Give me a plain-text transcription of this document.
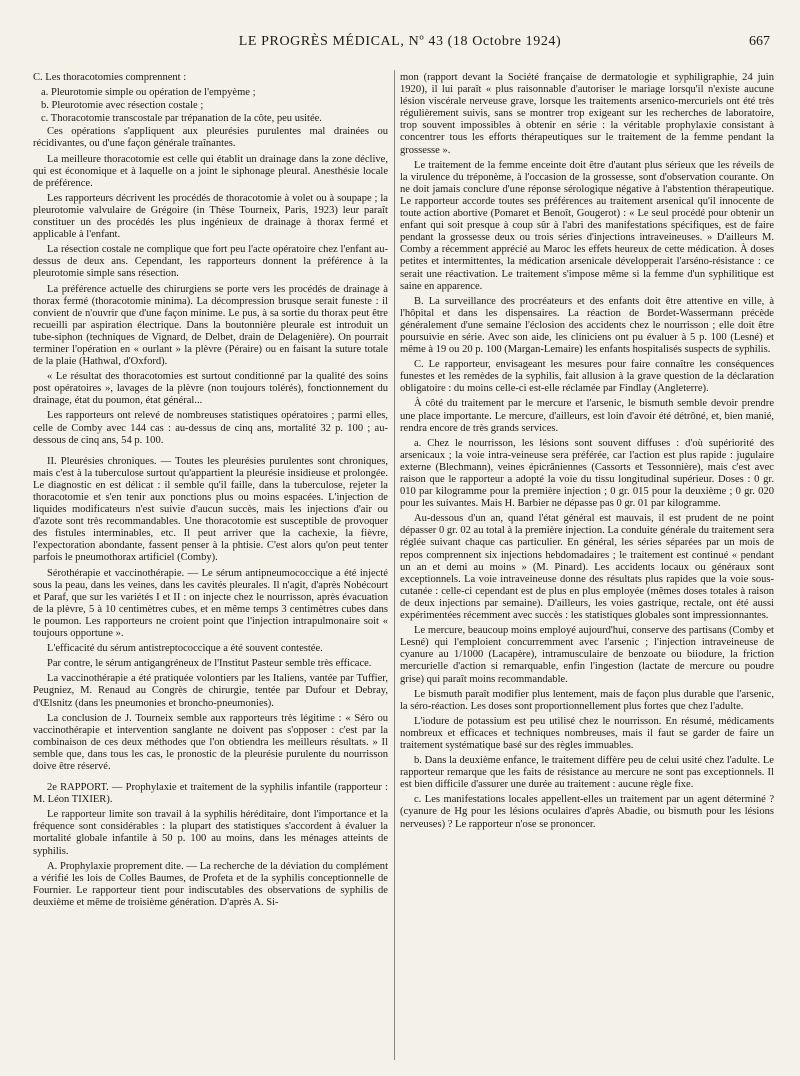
LE PROGRÈS MÉDICAL, Nº 43 (18 Octobre 1924)	667

C. Les thoracotomies comprennent :

a. Pleurotomie simple ou opération de l'empyème ;

b. Pleurotomie avec résection costale ;

c. Thoracotomie transcostale par trépanation de la côte, peu usitée.

Ces opérations s'appliquent aux pleurésies purulentes mal drainées ou récidivantes, ou d'une façon générale traînantes.

La meilleure thoracotomie est celle qui établit un drainage dans la zone déclive, qui est économique et à laquelle on a joint le siphonage pleural. Anesthésie locale de préférence.

Les rapporteurs décrivent les procédés de thoracotomie à volet ou à soupape ; la pleurotomie valvulaire de Grégoire (in Thèse Tourneix, Paris, 1923) leur paraît constituer un des procédés les plus ingénieux de drainage à thorax fermé et applicable à l'enfant.

La résection costale ne complique que fort peu l'acte opératoire chez l'enfant au-dessus de deux ans. Cependant, les rapporteurs donnent la préférence à la pleurotomie simple sans résection.

La préférence actuelle des chirurgiens se porte vers les procédés de drainage à thorax fermé (thoracotomie minima). La décompression brusque serait funeste : il convient de n'ouvrir que d'une façon minime. Le pus, à sa sortie du thorax peut être recueilli par aspiration électrique. Dans la boutonnière pleurale est introduit un tube-siphon (techniques de Vignard, de Delbet, drain de Delagenière). On pourrait terminer l'opération en « ourlant » la plèvre (Péraire) ou en faisant la suture totale de la plaie (Hathwal, d'Oxford).

« Le résultat des thoracotomies est surtout conditionné par la qualité des soins post opératoires », lavages de la plèvre (non toujours tolérés), fonctionnement du drainage, état du poumon, état général...

Les rapporteurs ont relevé de nombreuses statistiques opératoires ; parmi elles, celle de Comby avec 144 cas : au-dessus de cinq ans, mortalité 32 p. 100 ; au-dessous de cinq ans, 54 p. 100.

II. Pleurésies chroniques. — Toutes les pleurésies purulentes sont chroniques, mais c'est à la tuberculose surtout qu'appartient la pleurésie insidieuse et prolongée. Le diagnostic en est délicat : il semble qu'il faille, dans la tuberculose, rejeter la thoracotomie et s'en tenir aux ponctions plus ou moins espacées. L'injection de liquides modificateurs n'est suivie d'aucun succès, mais les injections d'air ou d'azote sont très recommandables. Une thoracotomie est susceptible de provoquer des fistules interminables, etc. Il peut arriver que la cachexie, la fièvre, l'expectoration abondante, fassent penser à la phtisie. C'est alors qu'on peut tenter parfois le pneumothorax artificiel (Comby).

Sérothérapie et vaccinothérapie. — Le sérum antipneumococcique a été injecté sous la peau, dans les veines, dans les cavités pleurales. Il n'agit, d'après Nobécourt et Paraf, que sur les variétés I et II : on injecte chez le nourrisson, après évacuation de la plèvre, 5 à 10 centimètres cubes, et en même temps 3 centimètres cubes dans le poumon. Les rapporteurs ne croient point que l'injection intrapulmonaire soit « toujours opportune ».

L'efficacité du sérum antistreptococcique a été souvent contestée.

Par contre, le sérum antigangréneux de l'Institut Pasteur semble très efficace.

La vaccinothérapie a été pratiquée volontiers par les Italiens, vantée par Tuffier, Peugniez, M. Renaud au Congrès de chirurgie, tentée par Dufour et Debray, d'Œlsnitz (dans les pneumonies et broncho-pneumonies).

La conclusion de J. Tourneix semble aux rapporteurs très légitime : « Séro ou vaccinothérapie et intervention sanglante ne doivent pas s'opposer : c'est par la combinaison de ces deux méthodes que l'on obtiendra les meilleurs résultats. » Il semble que, dans tous les cas, le pronostic de la pleurésie purulente du nourrisson doive être réservé.

2e RAPPORT. — Prophylaxie et traitement de la syphilis infantile (rapporteur : M. Léon TIXIER).

Le rapporteur limite son travail à la syphilis héréditaire, dont l'importance et la fréquence sont considérables : la plupart des statistiques s'accordent à évaluer la mortalité globale infantile à 50 p. 100 au moins, dans les ménages atteints de syphilis.

A. Prophylaxie proprement dite. — La recherche de la déviation du complément a vérifié les lois de Colles Baumes, de Profeta et de la syphilis conceptionnelle de Fournier. Le rapporteur tient pour indiscutables des observations de syphilis de deuxième et même de troisième génération. D'après A. Si-

mon (rapport devant la Société française de dermatologie et syphiligraphie, 24 juin 1920), il lui paraît « plus raisonnable d'autoriser le mariage lorsqu'il n'existe aucune lésion viscérale nerveuse grave, lorsque les traitements arsenico-mercuriels ont été très régulièrement suivis, sans se montrer trop exigeant sur les recherches de laboratoire, trop souvent impossibles à obtenir en série : la véritable prophylaxie consistant à concentrer tous les efforts thérapeutiques sur le traitement de la femme pendant la grossesse ».

Le traitement de la femme enceinte doit être d'autant plus sérieux que les réveils de la virulence du tréponème, à l'occasion de la grossesse, sont d'observation courante. On ne doit jamais conclure d'une réponse sérologique négative à l'abstention thérapeutique. Le rapporteur accorde toutes ses préférences au traitement arsenical qu'il innocente de toute action abortive (Pomaret et Benoît, Gougerot) : « Le seul procédé pour obtenir un enfant qui soit presque à coup sûr à l'abri des manifestations spécifiques, est de faire pendant la grossesse deux ou trois séries d'injections intraveineuses. » D'ailleurs M. Comby a récemment apprécié au Maroc les effets heureux de cette médication. À doses petites et intermittentes, la médication arsenicale développerait l'arséno-résistance : ce serait une réactivation. Le traitement s'impose même si la femme d'un syphilitique est saine en apparence.

B. La surveillance des procréateurs et des enfants doit être attentive en ville, à l'hôpital et dans les dispensaires. La réaction de Bordet-Wassermann précède généralement d'une semaine l'éclosion des accidents chez le nourrisson ; elle doit être poursuivie en série. Avec son aide, les cliniciens ont pu évaluer à 5 p. 100 (Lesné) et même à 19 ou 20 p. 100 (Margan-Lemaire) les enfants hospitalisés suspects de syphilis.

C. Le rapporteur, envisageant les mesures pour faire connaître les conséquences funestes et les remèdes de la syphilis, fait allusion à la grave question de la déclaration obligatoire : du moins celle-ci est-elle réclamée par Findlay (Angleterre).

À côté du traitement par le mercure et l'arsenic, le bismuth semble devoir prendre une place importante. Le mercure, d'ailleurs, est loin d'avoir été détrôné, et, bien manié, rendra encore de très grands services.

a. Chez le nourrisson, les lésions sont souvent diffuses : d'où supériorité des arsenicaux ; la voie intra-veineuse sera préférée, car l'action est plus rapide : jugulaire externe (Blechmann), veines épicrâniennes (Cassorts et Tessonnière), mais c'est avec raison que le rapporteur a adopté la voie du tissu longitudinal supérieur. Doses : 0 gr. 010 par kilogramme pour la première injection ; 0 gr. 015 pour la deuxième ; 0 gr. 020 pour les suivantes. Mais H. Barbier ne dépasse pas 0 gr. 01 par kilogramme.

Au-dessous d'un an, quand l'état général est mauvais, il est prudent de ne point dépasser 0 gr. 02 au total à la première injection. La conduite générale du traitement sera réglée suivant chaque cas particulier. En général, les séries séparées par un mois de repos comprennent six injections hebdomadaires ; le traitement est continué « pendant un an et demi au moins » (M. Pinard). Les accidents locaux ou généraux sont exceptionnels. La voie intraveineuse donne des résultats plus rapides que la voie sous-cutanée : celle-ci cependant est de plus en plus employée (mêmes doses totales à raison de deux injections par semaine). D'ailleurs, les voies gastrique, rectale, ont été aussi expérimentées récemment avec succès : les statistiques globales sont impressionnantes.

Le mercure, beaucoup moins employé aujourd'hui, conserve des partisans (Comby et Lesné) qui l'emploient concurremment avec l'arsenic ; l'injection intraveineuse de cyanure au 1/1000 (Lacapère), intramusculaire de benzoate ou biiodure, la friction mercurielle d'action si remarquable, enfin l'ingestion (lactate de mercure ou poudre grise) qui paraît moins recommandable.

Le bismuth paraît modifier plus lentement, mais de façon plus durable que l'arsenic, la séro-réaction. Les doses sont proportionnellement plus fortes que chez l'adulte.

L'iodure de potassium est peu utilisé chez le nourrisson. En résumé, médicaments nombreux et efficaces et techniques nombreuses, mais il faut se garder de faire un traitement systématique basé sur des règles immuables.

b. Dans la deuxième enfance, le traitement diffère peu de celui usité chez l'adulte. Le rapporteur remarque que les faits de résistance au mercure ne sont pas exceptionnels. Il est bien difficile d'assurer une durée au traitement : aucune règle fixe.

c. Les manifestations locales appellent-elles un traitement par un agent déterminé ? (cyanure de Hg pour les lésions oculaires d'après Abadie, ou bismuth pour les lésions nerveuses) ? Le rapporteur n'ose se prononcer.
